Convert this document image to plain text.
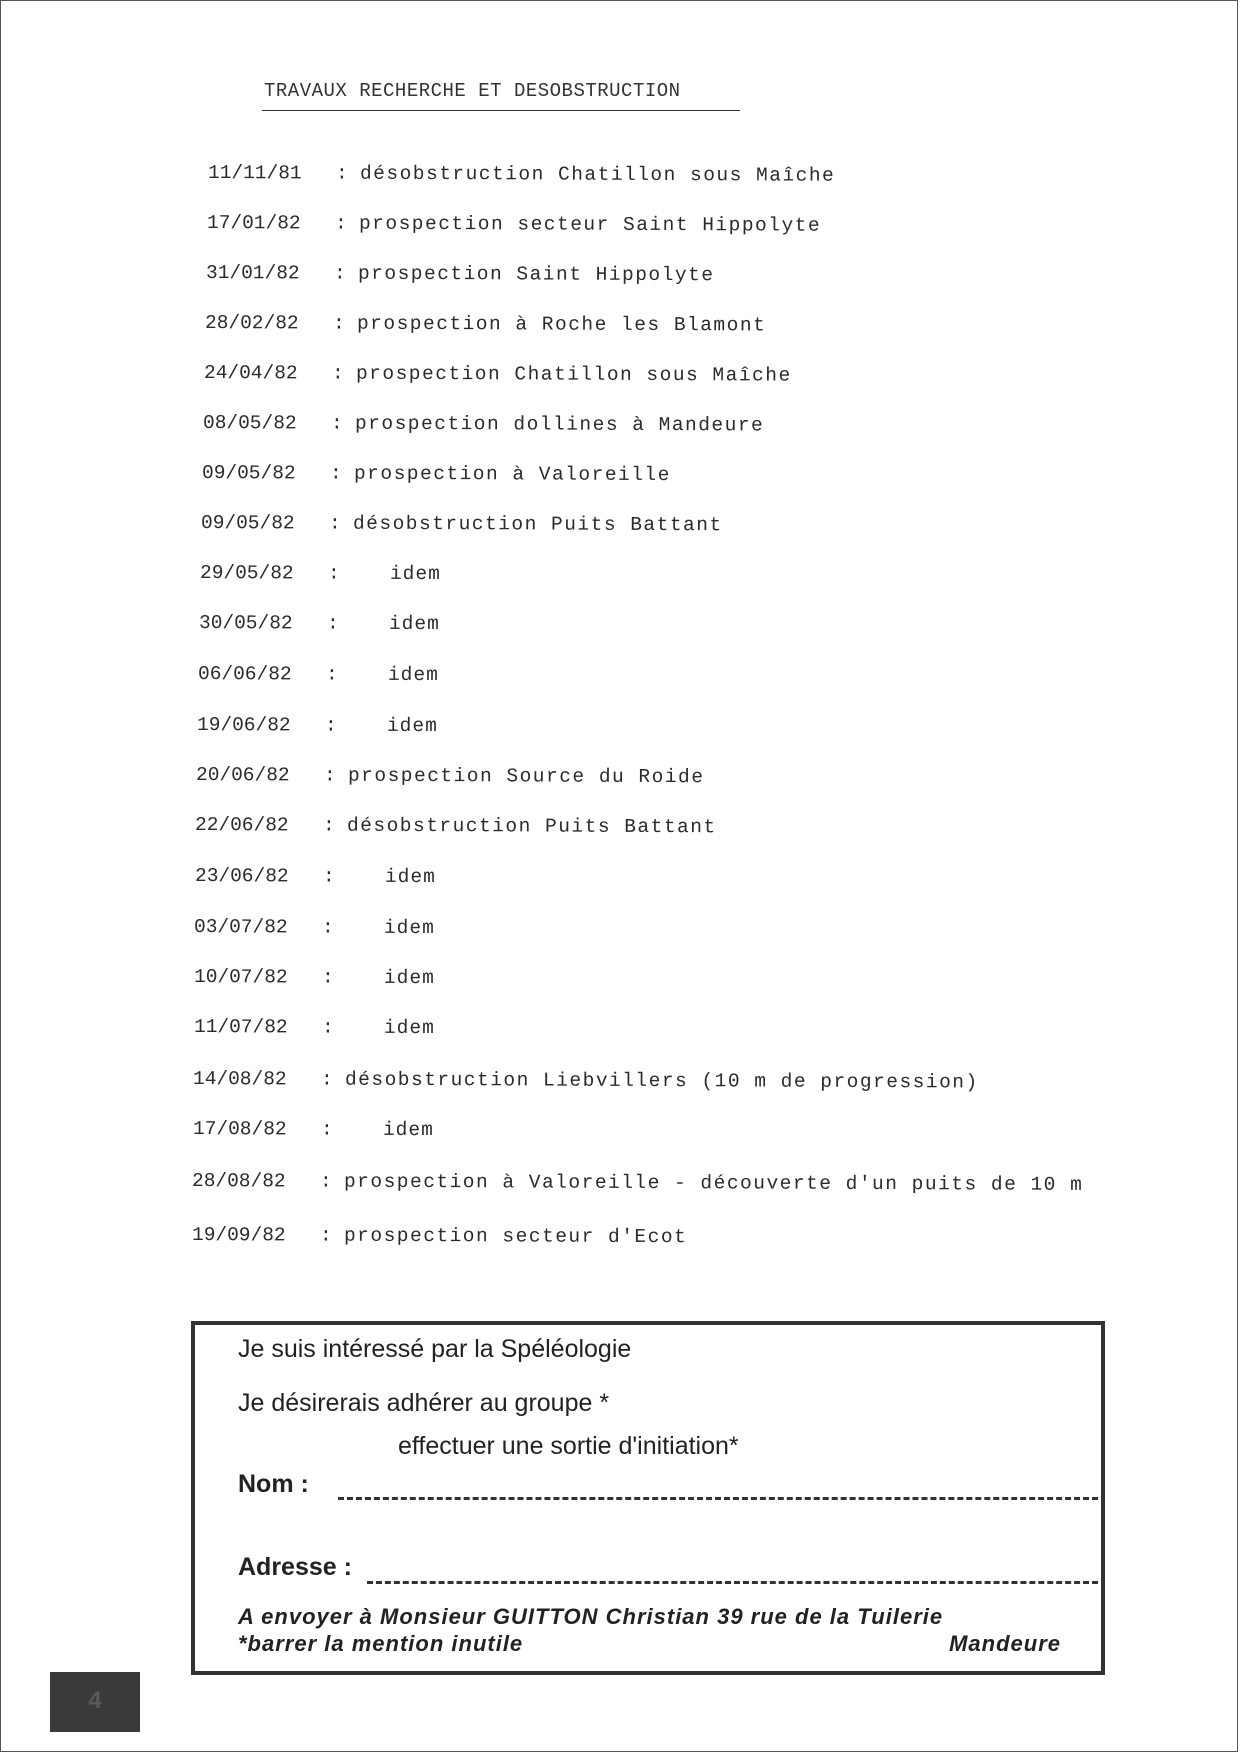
TRAVAUX RECHERCHE ET DESOBSTRUCTION
11/11/81 : désobstruction Chatillon sous Maîche
17/01/82 : prospection secteur Saint Hippolyte
31/01/82 : prospection Saint Hippolyte
28/02/82 : prospection à Roche les Blamont
24/04/82 : prospection Chatillon sous Maîche
08/05/82 : prospection dollines à Mandeure
09/05/82 : prospection à Valoreille
09/05/82 : désobstruction Puits Battant
29/05/82 :	idem
30/05/82 :	idem
06/06/82 :	idem
19/06/82 :	idem
20/06/82 : prospection Source du Roide
22/06/82 : désobstruction Puits Battant
23/06/82 :	idem
03/07/82 :	idem
10/07/82 :	idem
11/07/82 :	idem
14/08/82 : désobstruction Liebvillers (10 m de progression)
17/08/82 :	idem
28/08/82 : prospection à Valoreille - découverte d'un puits de 10 m
19/09/82 : prospection secteur d'Ecot
Je suis intéressé par la Spéléologie
Je désirerais adhérer au groupe *
effectuer une sortie d'initiation*
Nom :
Adresse :
A envoyer à Monsieur GUITTON Christian 39 rue de la Tuilerie
*barrer la mention inutile	Mandeure
4
